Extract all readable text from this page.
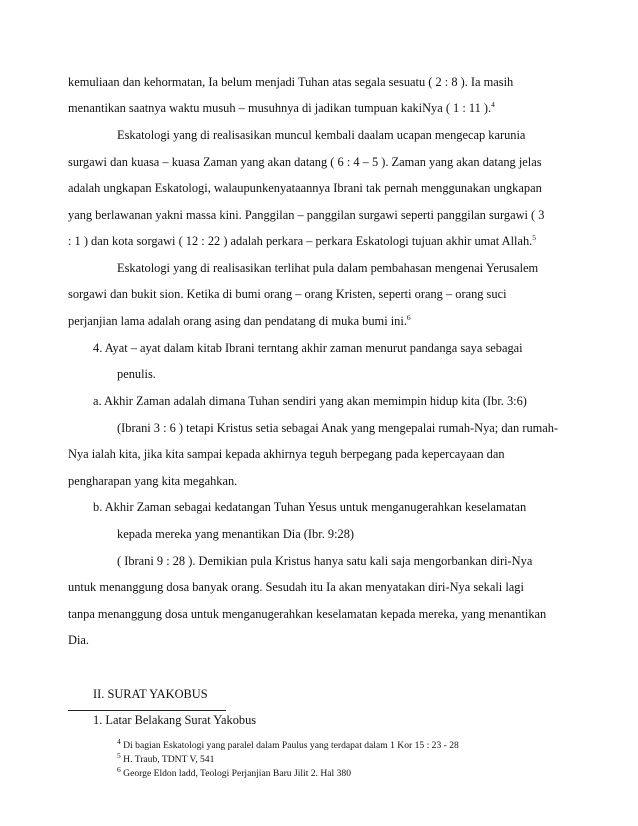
kemuliaan dan kehormatan, Ia belum menjadi Tuhan atas segala sesuatu ( 2 : 8 ). Ia masih

menantikan saatnya waktu musuh – musuhnya di jadikan tumpuan kakiNya ( 1 : 11 ).$^4$

Eskatologi yang di realisasikan muncul kembali daalam ucapan mengecap karunia

surgawi dan kuasa – kuasa Zaman yang akan datang ( 6 : 4 – 5 ). Zaman yang akan datang jelas

adalah ungkapan Eskatologi, walaupunkenyataannya Ibrani tak pernah menggunakan ungkapan

yang berlawanan yakni massa kini. Panggilan – panggilan surgawi seperti panggilan surgawi ( 3

: 1 ) dan kota sorgawi ( 12 : 22 ) adalah perkara – perkara Eskatologi tujuan akhir umat Allah.$^5$

Eskatologi yang di realisasikan terlihat pula dalam pembahasan mengenai Yerusalem

sorgawi dan bukit sion. Ketika di bumi orang – orang Kristen, seperti orang – orang suci

perjanjian lama adalah orang asing dan pendatang di muka bumi ini.$^6$

4. Ayat – ayat dalam kitab Ibrani terntang akhir zaman menurut pandanga saya sebagai

penulis.

a. Akhir Zaman adalah dimana Tuhan sendiri yang akan memimpin hidup kita (Ibr. 3:6)

(Ibrani 3 : 6 ) tetapi Kristus setia sebagai Anak yang mengepalai rumah-Nya; dan rumah-

Nya ialah kita, jika kita sampai kepada akhirnya teguh berpegang pada kepercayaan dan

pengharapan yang kita megahkan.

b. Akhir Zaman sebagai kedatangan Tuhan Yesus untuk menganugerahkan keselamatan

kepada mereka yang menantikan Dia (Ibr. 9:28)

( Ibrani 9 : 28 ). Demikian pula Kristus hanya satu kali saja mengorbankan diri-Nya

untuk menanggung dosa banyak orang. Sesudah itu Ia akan menyatakan diri-Nya sekali lagi

tanpa menanggung dosa untuk menganugerahkan keselamatan kepada mereka, yang menantikan

Dia.

II. SURAT YAKOBUS

1. Latar Belakang Surat Yakobus

$^4$ Di bagian Eskatologi yang paralel dalam Paulus yang terdapat dalam 1 Kor 15 : 23 - 28
$^5$ H. Traub, TDNT V, 541
$^6$ George Eldon ladd, Teologi Perjanjian Baru Jilit 2. Hal 380
